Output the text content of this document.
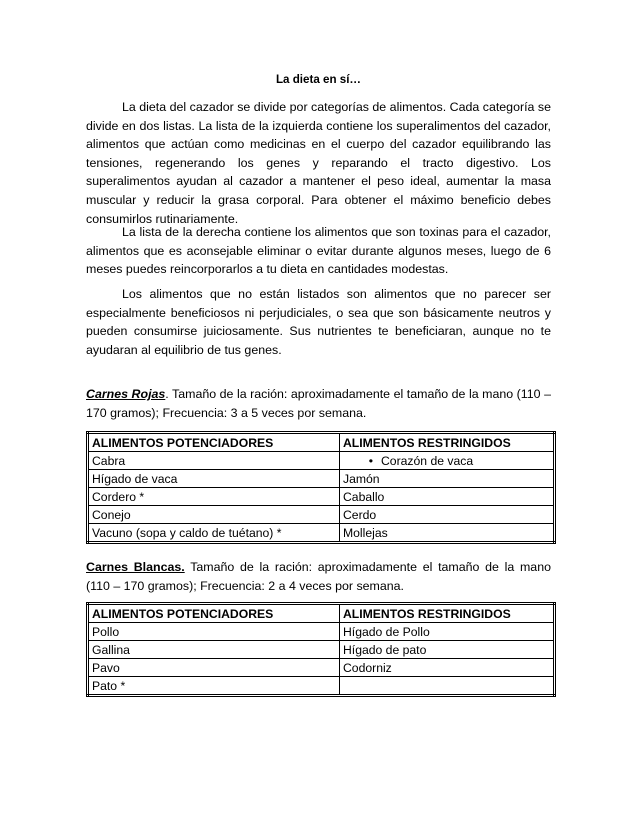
La dieta en sí…

La dieta del cazador se divide por categorías de alimentos. Cada categoría se divide en dos listas. La lista de la izquierda contiene los superalimentos del cazador, alimentos que actúan como medicinas en el cuerpo del cazador equilibrando las tensiones, regenerando los genes y reparando el tracto digestivo. Los superalimentos ayudan al cazador a mantener el peso ideal, aumentar la masa muscular y reducir la grasa corporal. Para obtener el máximo beneficio debes consumirlos rutinariamente.

La lista de la derecha contiene los alimentos que son toxinas para el cazador, alimentos que es aconsejable eliminar o evitar durante algunos meses, luego de 6 meses puedes reincorporarlos a tu dieta en cantidades modestas.

Los alimentos que no están listados son alimentos que no parecer ser especialmente beneficiosos ni perjudiciales, o sea que son básicamente neutros y pueden consumirse juiciosamente. Sus nutrientes te beneficiaran, aunque no te ayudaran al equilibrio de tus genes.

Carnes Rojas. Tamaño de la ración: aproximadamente el tamaño de la mano (110 – 170 gramos); Frecuencia: 3 a 5 veces por semana.

ALIMENTOS POTENCIADORES	ALIMENTOS RESTRINGIDOS
Cabra	• Corazón de vaca
Hígado de vaca	Jamón
Cordero *	Caballo
Conejo	Cerdo
Vacuno (sopa y caldo de tuétano) *	Mollejas

Carnes Blancas. Tamaño de la ración: aproximadamente el tamaño de la mano (110 – 170 gramos); Frecuencia: 2 a 4 veces por semana.

ALIMENTOS POTENCIADORES	ALIMENTOS RESTRINGIDOS
Pollo	Hígado de Pollo
Gallina	Hígado de pato
Pavo	Codorniz
Pato *	
